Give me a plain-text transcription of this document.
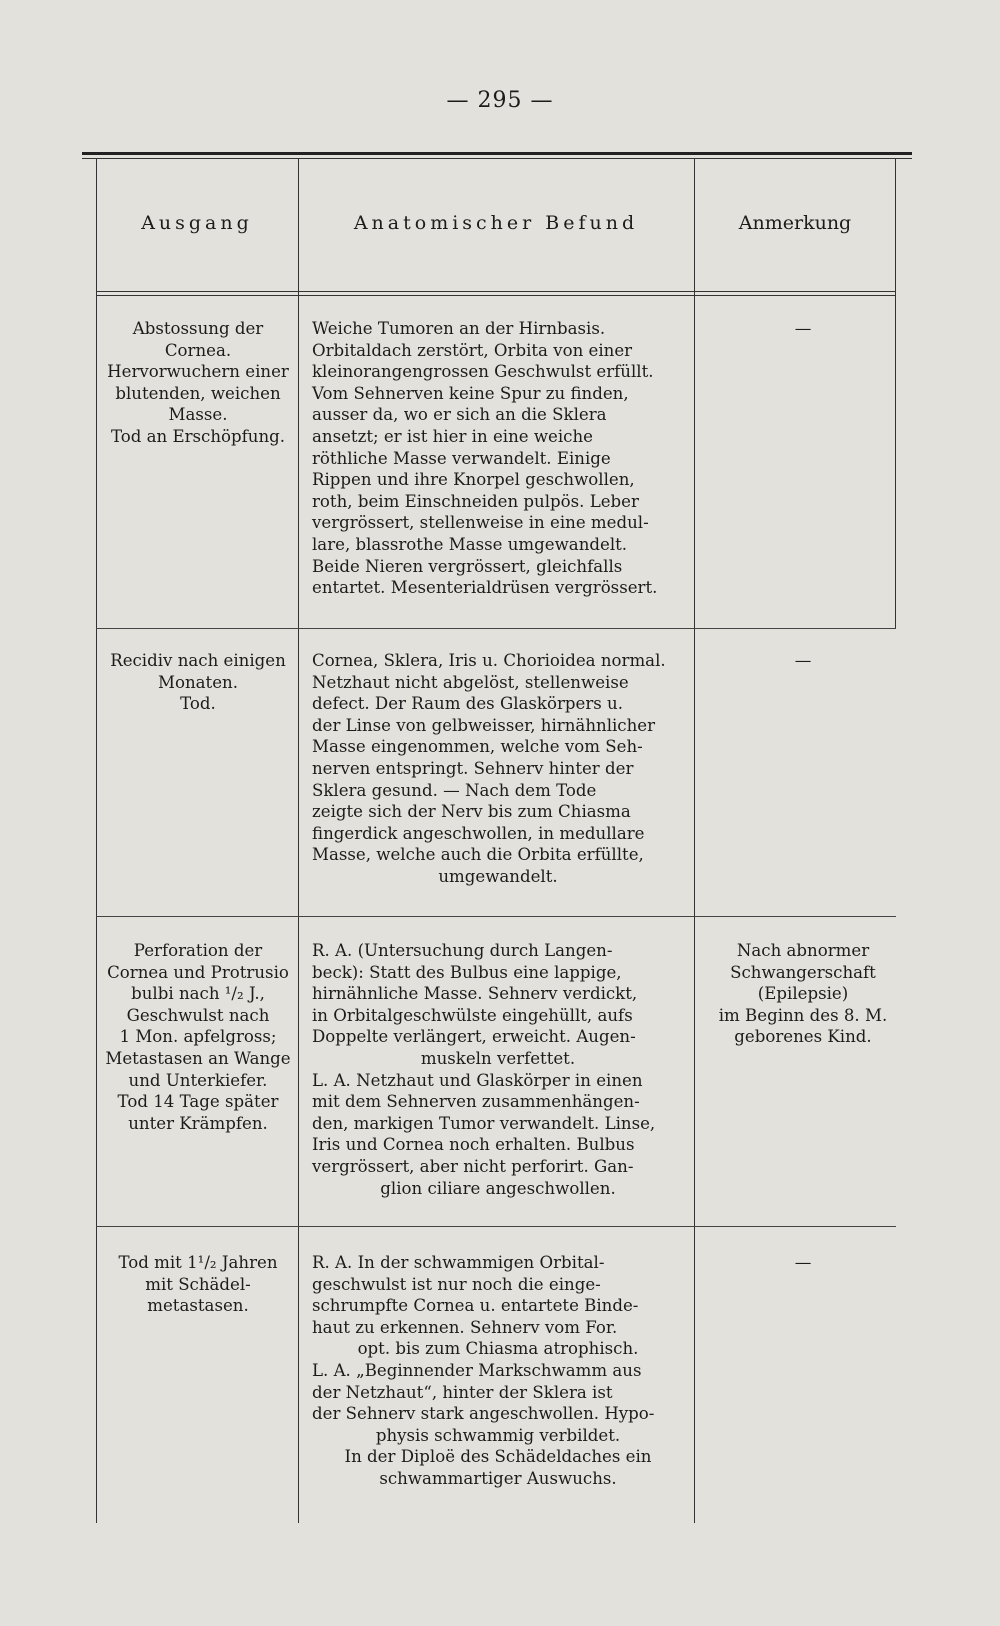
— 295 —
Ausgang	Anatomischer Befund	Anmerkung
Abstossung der
Cornea.
Hervorwuchern einer
blutenden, weichen
Masse.
Tod an Erschöpfung.
Weiche Tumoren an der Hirnbasis.
Orbitaldach zerstört, Orbita von einer
kleinorangengrossen Geschwulst erfüllt.
Vom Sehnerven keine Spur zu finden,
ausser da, wo er sich an die Sklera
ansetzt; er ist hier in eine weiche
röthliche Masse verwandelt. Einige
Rippen und ihre Knorpel geschwollen,
roth, beim Einschneiden pulpös. Leber
vergrössert, stellenweise in eine medul-
lare, blassrothe Masse umgewandelt.
Beide Nieren vergrössert, gleichfalls
entartet. Mesenterialdrüsen vergrössert.
—
Recidiv nach einigen
Monaten.
Tod.
Cornea, Sklera, Iris u. Chorioidea normal.
Netzhaut nicht abgelöst, stellenweise
defect. Der Raum des Glaskörpers u.
der Linse von gelbweisser, hirnähnlicher
Masse eingenommen, welche vom Seh-
nerven entspringt. Sehnerv hinter der
Sklera gesund. — Nach dem Tode
zeigte sich der Nerv bis zum Chiasma
fingerdick angeschwollen, in medullare
Masse, welche auch die Orbita erfüllte,
umgewandelt.
—
Perforation der
Cornea und Protrusio
bulbi nach ¹/₂ J.,
Geschwulst nach
1 Mon. apfelgross;
Metastasen an Wange
und Unterkiefer.
Tod 14 Tage später
unter Krämpfen.
R. A. (Untersuchung durch Langen-
beck): Statt des Bulbus eine lappige,
hirnähnliche Masse. Sehnerv verdickt,
in Orbitalgeschwülste eingehüllt, aufs
Doppelte verlängert, erweicht. Augen-
muskeln verfettet.
L. A. Netzhaut und Glaskörper in einen
mit dem Sehnerven zusammenhängen-
den, markigen Tumor verwandelt. Linse,
Iris und Cornea noch erhalten. Bulbus
vergrössert, aber nicht perforirt. Gan-
glion ciliare angeschwollen.
Nach abnormer
Schwangerschaft
(Epilepsie)
im Beginn des 8. M.
geborenes Kind.
Tod mit 1¹/₂ Jahren
mit Schädel-
metastasen.
R. A. In der schwammigen Orbital-
geschwulst ist nur noch die einge-
schrumpfte Cornea u. entartete Binde-
haut zu erkennen. Sehnerv vom For.
opt. bis zum Chiasma atrophisch.
L. A. „Beginnender Markschwamm aus
der Netzhaut“, hinter der Sklera ist
der Sehnerv stark angeschwollen. Hypo-
physis schwammig verbildet.
In der Diploë des Schädeldaches ein
schwammartiger Auswuchs.
—
